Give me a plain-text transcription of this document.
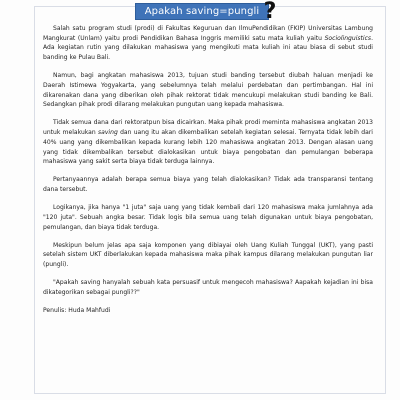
Apakah saving=pungli ?

Salah satu program studi (prodi) di Fakultas Keguruan dan IlmuPendidikan (FKIP) Universitas Lambung Mangkurat (Unlam) yaitu prodi Pendidikan Bahasa Inggris memiliki satu mata kuliah yaitu Sociolinguistics. Ada kegiatan rutin yang dilakukan mahasiswa yang mengikuti mata kuliah ini atau biasa di sebut studi banding ke Pulau Bali.

Namun, bagi angkatan mahasiswa 2013, tujuan studi banding tersebut diubah haluan menjadi ke Daerah Istimewa Yogyakarta, yang sebelumnya telah melalui perdebatan dan pertimbangan. Hal ini dikarenakan dana yang diberikan oleh pihak rektorat tidak mencukupi melakukan studi banding ke Bali. Sedangkan pihak prodi dilarang melakukan pungutan uang kepada mahasiswa.

Tidak semua dana dari rektoratpun bisa dicairkan. Maka pihak prodi meminta mahasiswa angkatan 2013 untuk melakukan saving dan uang itu akan dikembalikan setelah kegiatan selesai. Ternyata tidak lebih dari 40% uang yang dikembalikan kepada kurang lebih 120 mahasiswa angkatan 2013. Dengan alasan uang yang tidak dikembalikan tersebut dialokasikan untuk biaya pengobatan dan pemulangan beberapa mahasiswa yang sakit serta biaya tidak terduga lainnya.

Pertanyaannya adalah berapa semua biaya yang telah dialokasikan? Tidak ada transparansi tentang dana tersebut.

Logikanya, jika hanya "1 juta" saja uang yang tidak kembali dari 120 mahasiswa maka jumlahnya ada "120 juta". Sebuah angka besar. Tidak logis bila semua uang telah digunakan untuk biaya pengobatan, pemulangan, dan biaya tidak terduga.

Meskipun belum jelas apa saja komponen yang dibiayai oleh Uang Kuliah Tunggal (UKT), yang pasti setelah sistem UKT diberlakukan kepada mahasiswa maka pihak kampus dilarang melakukan pungutan liar (pungli).

"Apakah saving hanyalah sebuah kata persuasif untuk mengecoh mahasiswa? Aapakah kejadian ini bisa dikategorikan sebagai pungli??"

Penulis: Huda Mahfudi
